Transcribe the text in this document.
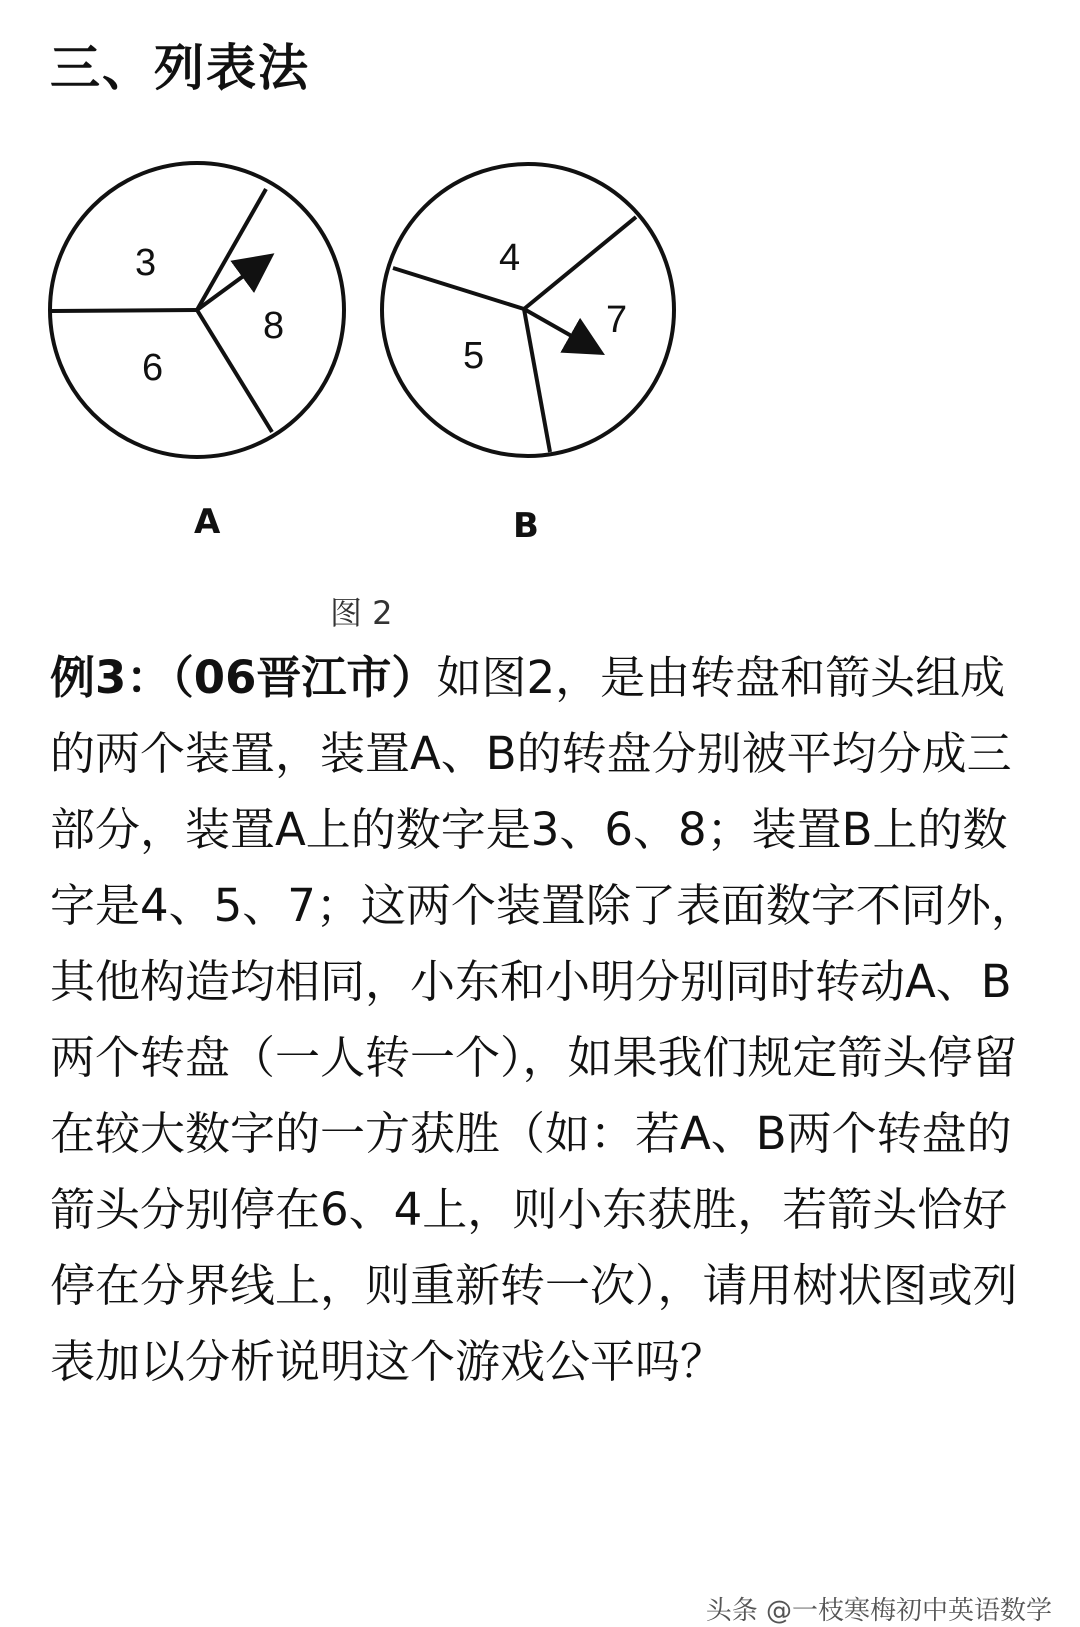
三、列表法
3
6
8
4
5
7
A	B
图 2
例3：（06晋江市）如图2，是由转盘和箭头组成的两个装置，装置A、B的转盘分别被平均分成三部分，装置A上的数字是3、6、8；装置B上的数字是4、5、7；这两个装置除了表面数字不同外，其他构造均相同，小东和小明分别同时转动A、B两个转盘（一人转一个），如果我们规定箭头停留在较大数字的一方获胜（如：若A、B两个转盘的箭头分别停在6、4上，则小东获胜，若箭头恰好停在分界线上，则重新转一次），请用树状图或列表加以分析说明这个游戏公平吗？
头条 @一枝寒梅初中英语数学
